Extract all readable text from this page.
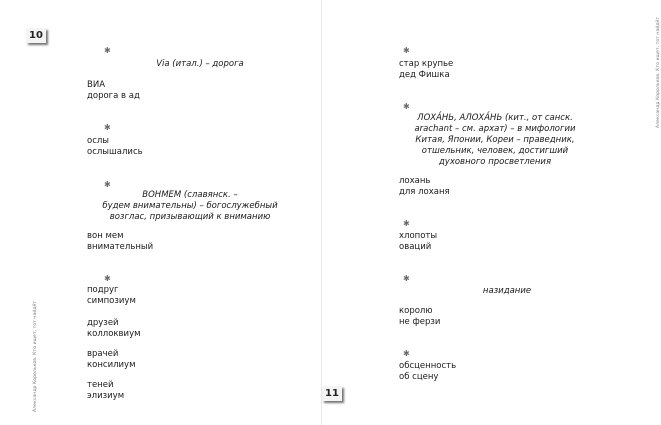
10
Александр Корольков. Кто ищет, тот найдёт
✱
Via (итал.) – дорога
ВИА
дорога в ад
✱
ослы
ослышались
✱
ВОНМЕМ (славянск. –
будем внимательны) – богослужебный
возглас, призывающий к вниманию
вон мем
внимательный
✱
подруг
симпозиум
друзей
коллоквиум
врачей
консилиум
теней
элизиум
Александр Корольков. Кто ищет, тот найдёт
✱
стар крупье
дед Фишка
✱
ЛОХА́НЬ, АЛОХА́НЬ (кит., от санск.
arachant – см. архат) – в мифологии
Китая, Японии, Кореи – праведник,
отшельник, человек, достигший
духовного просветления
лохань
для лоханя
✱
хлопоты
оваций
✱
назидание
королю
не ферзи
✱
обсценность
об сцену
11
